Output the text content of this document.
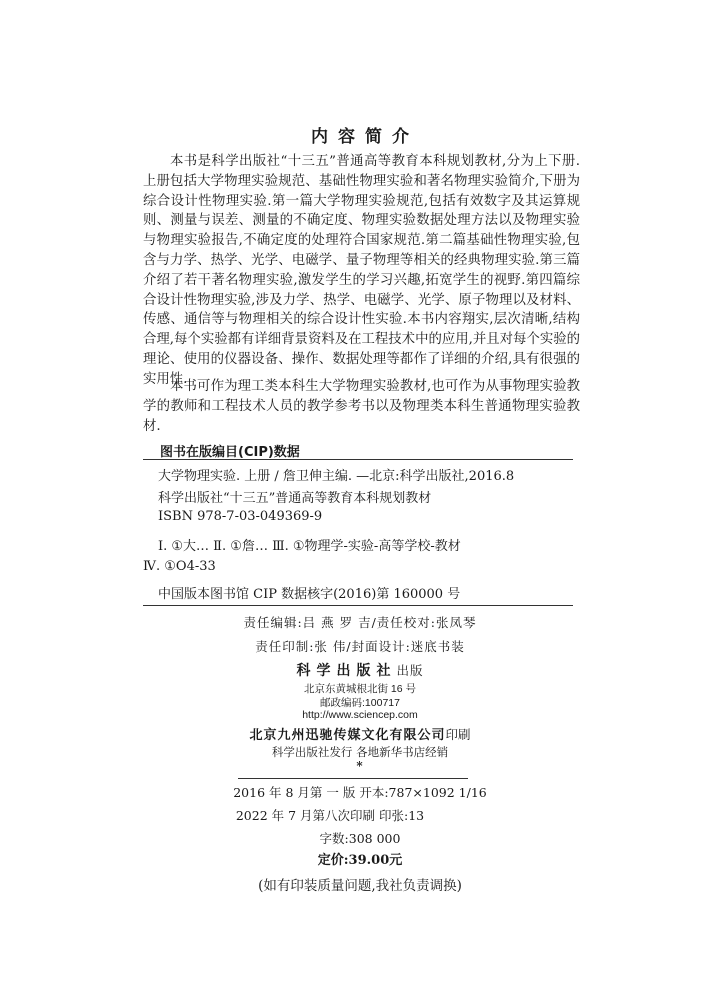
内容简介

本书是科学出版社“十三五”普通高等教育本科规划教材,分为上下册.上册包括大学物理实验规范、基础性物理实验和著名物理实验简介,下册为综合设计性物理实验.第一篇大学物理实验规范,包括有效数字及其运算规则、测量与误差、测量的不确定度、物理实验数据处理方法以及物理实验与物理实验报告,不确定度的处理符合国家规范.第二篇基础性物理实验,包含与力学、热学、光学、电磁学、量子物理等相关的经典物理实验.第三篇介绍了若干著名物理实验,激发学生的学习兴趣,拓宽学生的视野.第四篇综合设计性物理实验,涉及力学、热学、电磁学、光学、原子物理以及材料、传感、通信等与物理相关的综合设计性实验.本书内容翔实,层次清晰,结构合理,每个实验都有详细背景资料及在工程技术中的应用,并且对每个实验的理论、使用的仪器设备、操作、数据处理等都作了详细的介绍,具有很强的实用性.

本书可作为理工类本科生大学物理实验教材,也可作为从事物理实验教学的教师和工程技术人员的教学参考书以及物理类本科生普通物理实验教材.

图书在版编目(CIP)数据
大学物理实验. 上册 / 詹卫伸主编. —北京:科学出版社,2016.8
科学出版社“十三五”普通高等教育本科规划教材
ISBN 978-7-03-049369-9
Ⅰ. ①大… Ⅱ. ①詹… Ⅲ. ①物理学-实验-高等学校-教材
Ⅳ. ①O4-33
中国版本图书馆 CIP 数据核字(2016)第 160000 号
责任编辑:吕 燕 罗 吉/责任校对:张凤琴
责任印制:张 伟/封面设计:迷底书装
科学出版社出版
北京东黄城根北街 16 号
邮政编码:100717
http://www.sciencep.com
北京九州迅驰传媒文化有限公司印刷
科学出版社发行 各地新华书店经销
*
2016 年 8 月第 一 版 开本:787×1092 1/16
2022 年 7 月第八次印刷 印张:13
字数:308 000
定价:39.00元
(如有印装质量问题,我社负责调换)
